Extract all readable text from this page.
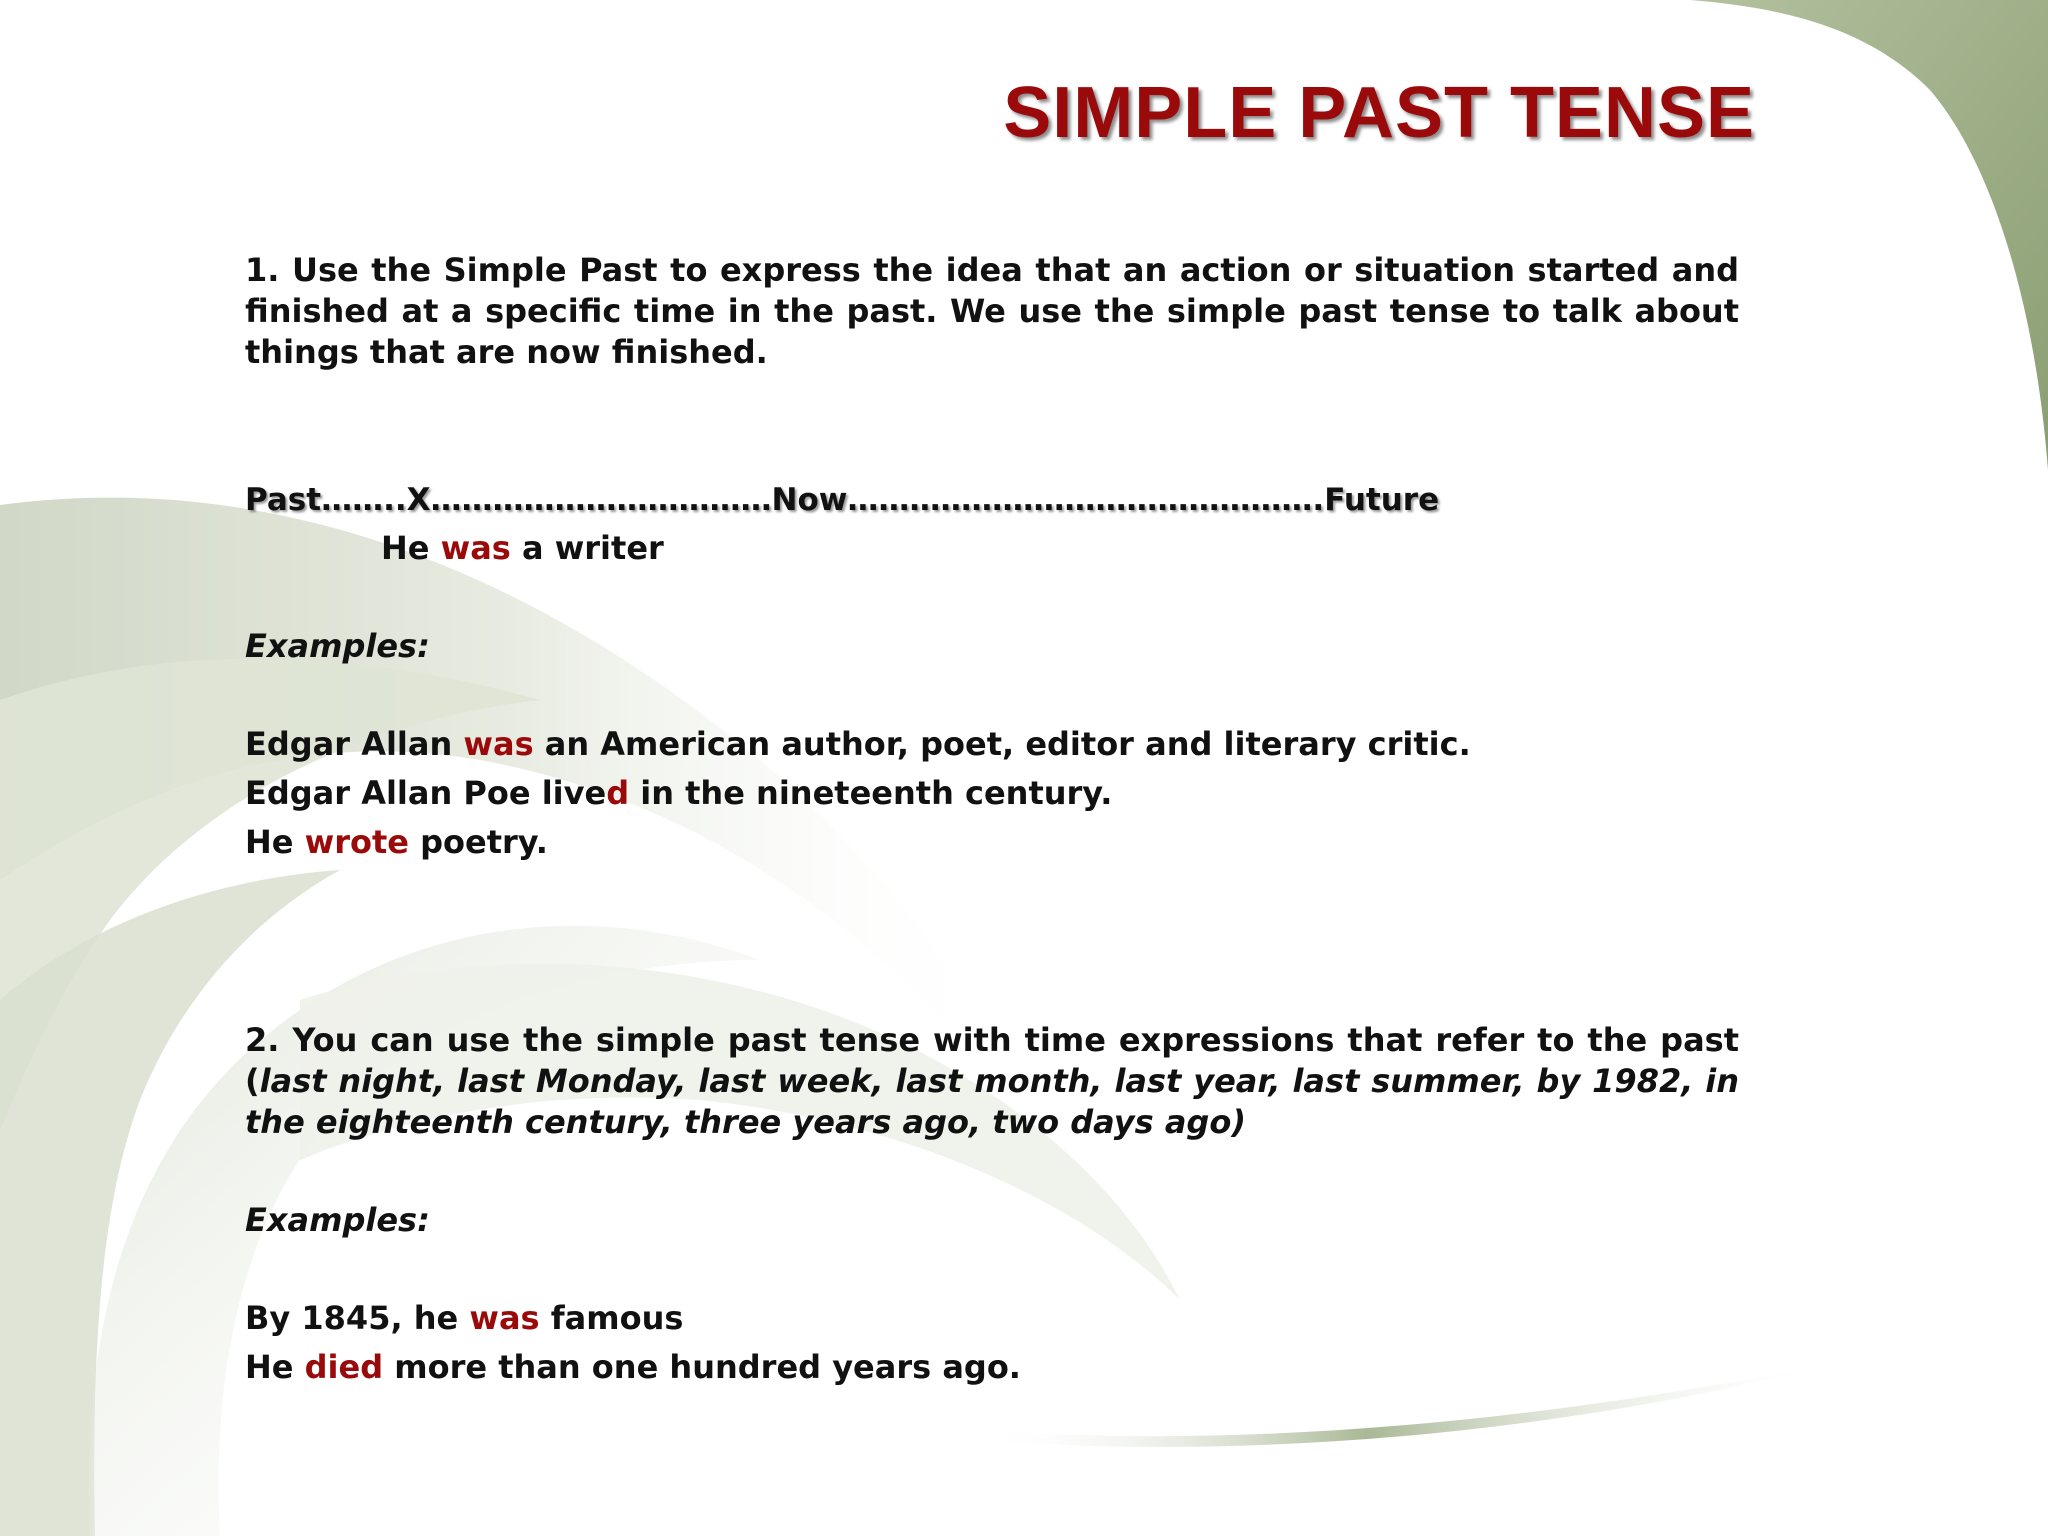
SIMPLE PAST TENSE

1. Use the Simple Past to express the idea that an action or situation started and finished at a specific time in the past. We use the simple past tense to talk about things that are now finished.

Past……..X……………………………Now……………………………………….Future

He was a writer

Examples:

Edgar Allan was an American author, poet, editor and literary critic.

Edgar Allan Poe lived in the nineteenth century.

He wrote poetry.

2. You can use the simple past tense with time expressions that refer to the past (last night, last Monday, last week, last month, last year, last summer, by 1982, in the eighteenth century, three years ago, two days ago)

Examples:

By 1845, he was famous

He died more than one hundred years ago.
